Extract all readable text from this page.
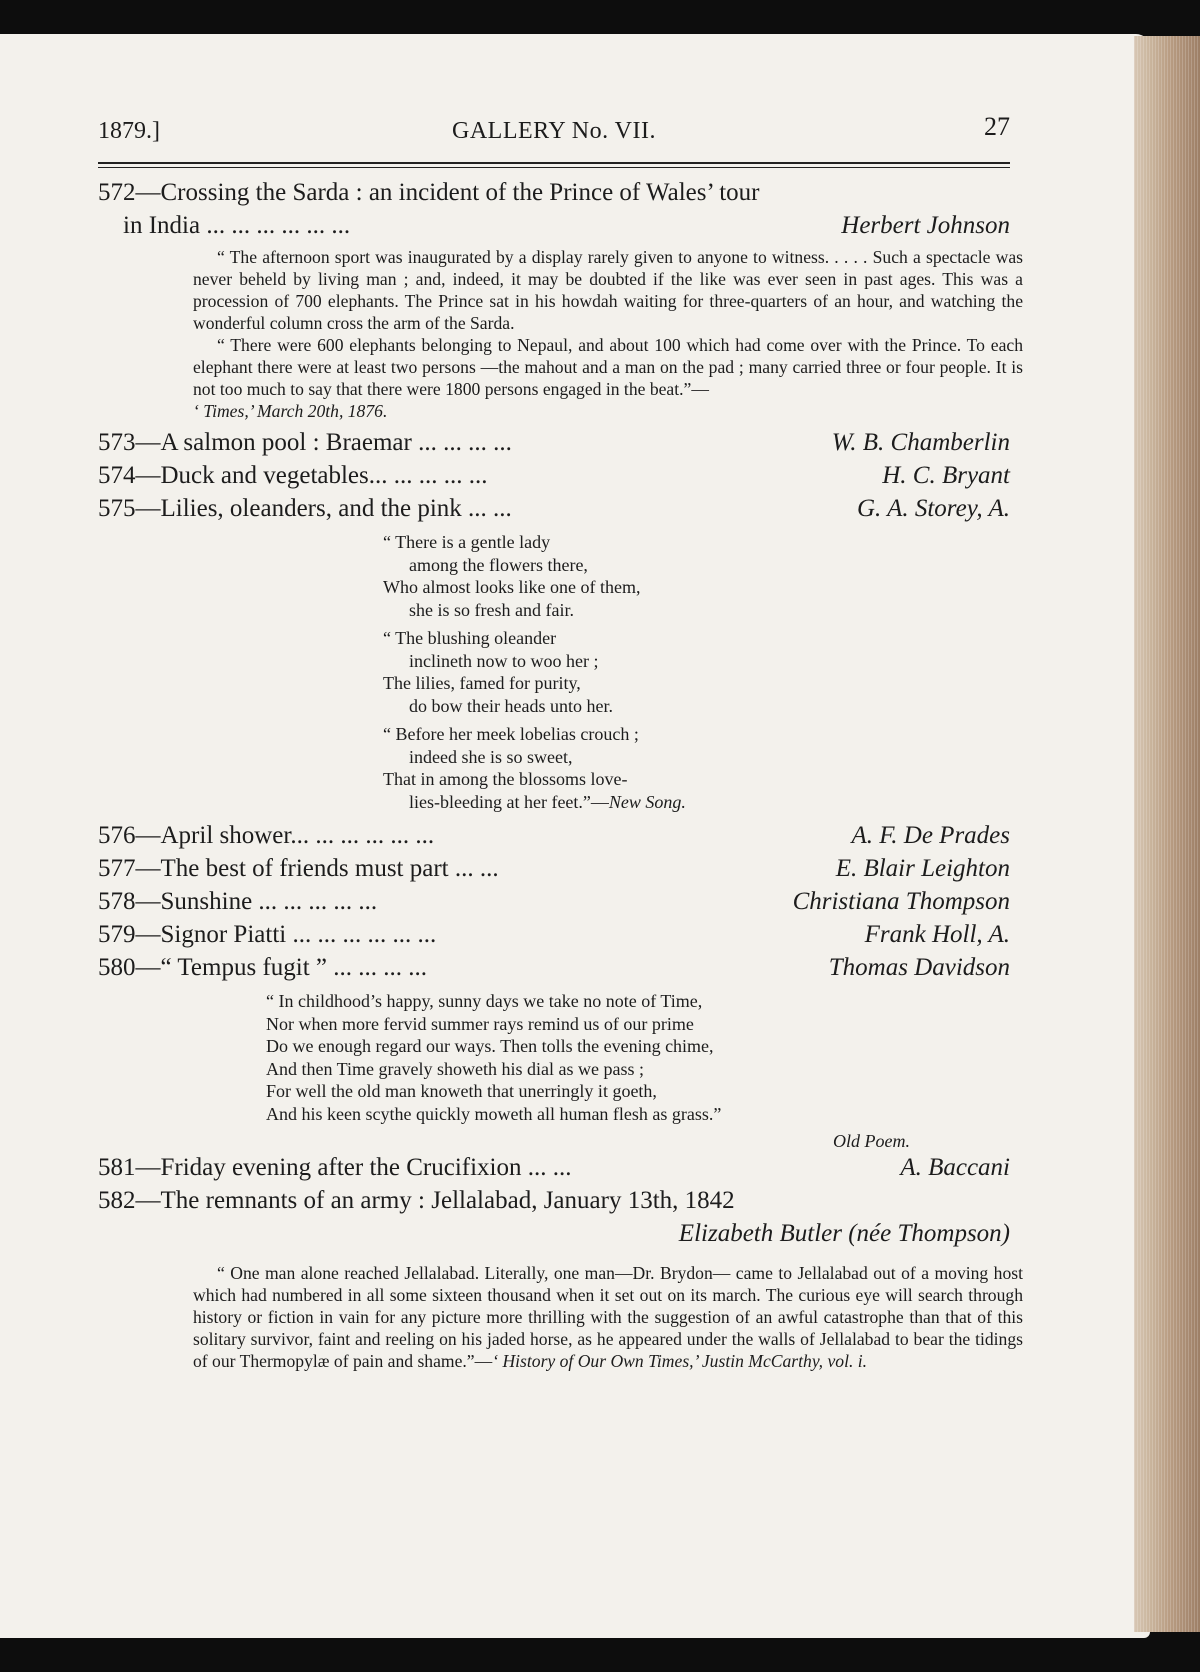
1879.]	GALLERY No. VII.	27
572—Crossing the Sarda : an incident of the Prince of Wales’ tour
in India ... ... ... ... ... ...	Herbert Johnson

“ The afternoon sport was inaugurated by a display rarely given to anyone to witness. . . . . Such a spectacle was never beheld by living man ; and, indeed, it may be doubted if the like was ever seen in past ages. This was a procession of 700 elephants. The Prince sat in his howdah waiting for three-quarters of an hour, and watching the wonderful column cross the arm of the Sarda.

“ There were 600 elephants belonging to Nepaul, and about 100 which had come over with the Prince. To each elephant there were at least two persons —the mahout and a man on the pad ; many carried three or four people. It is not too much to say that there were 1800 persons engaged in the beat.”—

‘ Times,’ March 20th, 1876.
573—A salmon pool : Braemar ... ... ... ...	W. B. Chamberlin
574—Duck and vegetables... ... ... ... ...	H. C. Bryant
575—Lilies, oleanders, and the pink ... ...	G. A. Storey, A.
“ There is a gentle lady
among the flowers there,
Who almost looks like one of them,
she is so fresh and fair.
“ The blushing oleander
inclineth now to woo her ;
The lilies, famed for purity,
do bow their heads unto her.
“ Before her meek lobelias crouch ;
indeed she is so sweet,
That in among the blossoms love-
lies-bleeding at her feet.”—New Song.
576—April shower... ... ... ... ... ...	A. F. De Prades
577—The best of friends must part ... ...	E. Blair Leighton
578—Sunshine ... ... ... ... ...	Christiana Thompson
579—Signor Piatti ... ... ... ... ... ...	Frank Holl, A.
580—“ Tempus fugit ” ... ... ... ...	Thomas Davidson
“ In childhood’s happy, sunny days we take no note of Time,
Nor when more fervid summer rays remind us of our prime
Do we enough regard our ways. Then tolls the evening chime,
And then Time gravely showeth his dial as we pass ;
For well the old man knoweth that unerringly it goeth,
And his keen scythe quickly moweth all human flesh as grass.”
Old Poem.
581—Friday evening after the Crucifixion ... ...	A. Baccani
582—The remnants of an army : Jellalabad, January 13th, 1842
Elizabeth Butler (née Thompson)

“ One man alone reached Jellalabad. Literally, one man—Dr. Brydon— came to Jellalabad out of a moving host which had numbered in all some sixteen thousand when it set out on its march. The curious eye will search through history or fiction in vain for any picture more thrilling with the suggestion of an awful catastrophe than that of this solitary survivor, faint and reeling on his jaded horse, as he appeared under the walls of Jellalabad to bear the tidings of our Thermopylæ of pain and shame.”—‘ History of Our Own Times,’ Justin McCarthy, vol. i.
